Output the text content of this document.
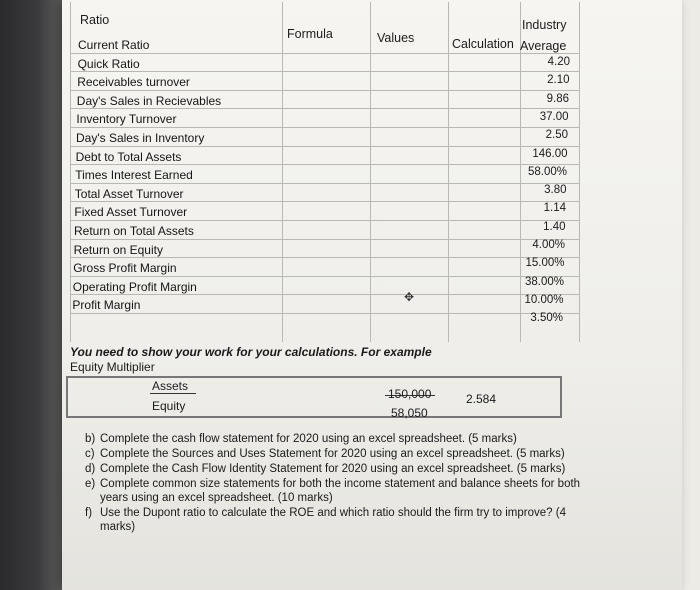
Ratio
Formula	Values
Industry
Calculation Average
Current Ratio
4.20
Quick Ratio
2.10
Receivables turnover
9.86
Day's Sales in Recievables
37.00
Inventory Turnover
2.50
Day's Sales in Inventory
146.00
Debt to Total Assets
58.00%
Times Interest Earned
3.80
Total Asset Turnover
1.14
Fixed Asset Turnover
1.40
Return on Total Assets
4.00%
Return on Equity
15.00%
Gross Profit Margin
38.00%
Operating Profit Margin
10.00%
Profit Margin
3.50%
✥
You need to show your work for your calculations. For example
Equity Multiplier
Assets
Equity
150,000
58,050
2.584
b) Complete the cash flow statement for 2020 using an excel spreadsheet. (5 marks)
c) Complete the Sources and Uses Statement for 2020 using an excel spreadsheet. (5 marks)
d) Complete the Cash Flow Identity Statement for 2020 using an excel spreadsheet. (5 marks)
e) Complete common size statements for both the income statement and balance sheets for both years using an excel spreadsheet. (10 marks)
f) Use the Dupont ratio to calculate the ROE and which ratio should the firm try to improve? (4 marks)
